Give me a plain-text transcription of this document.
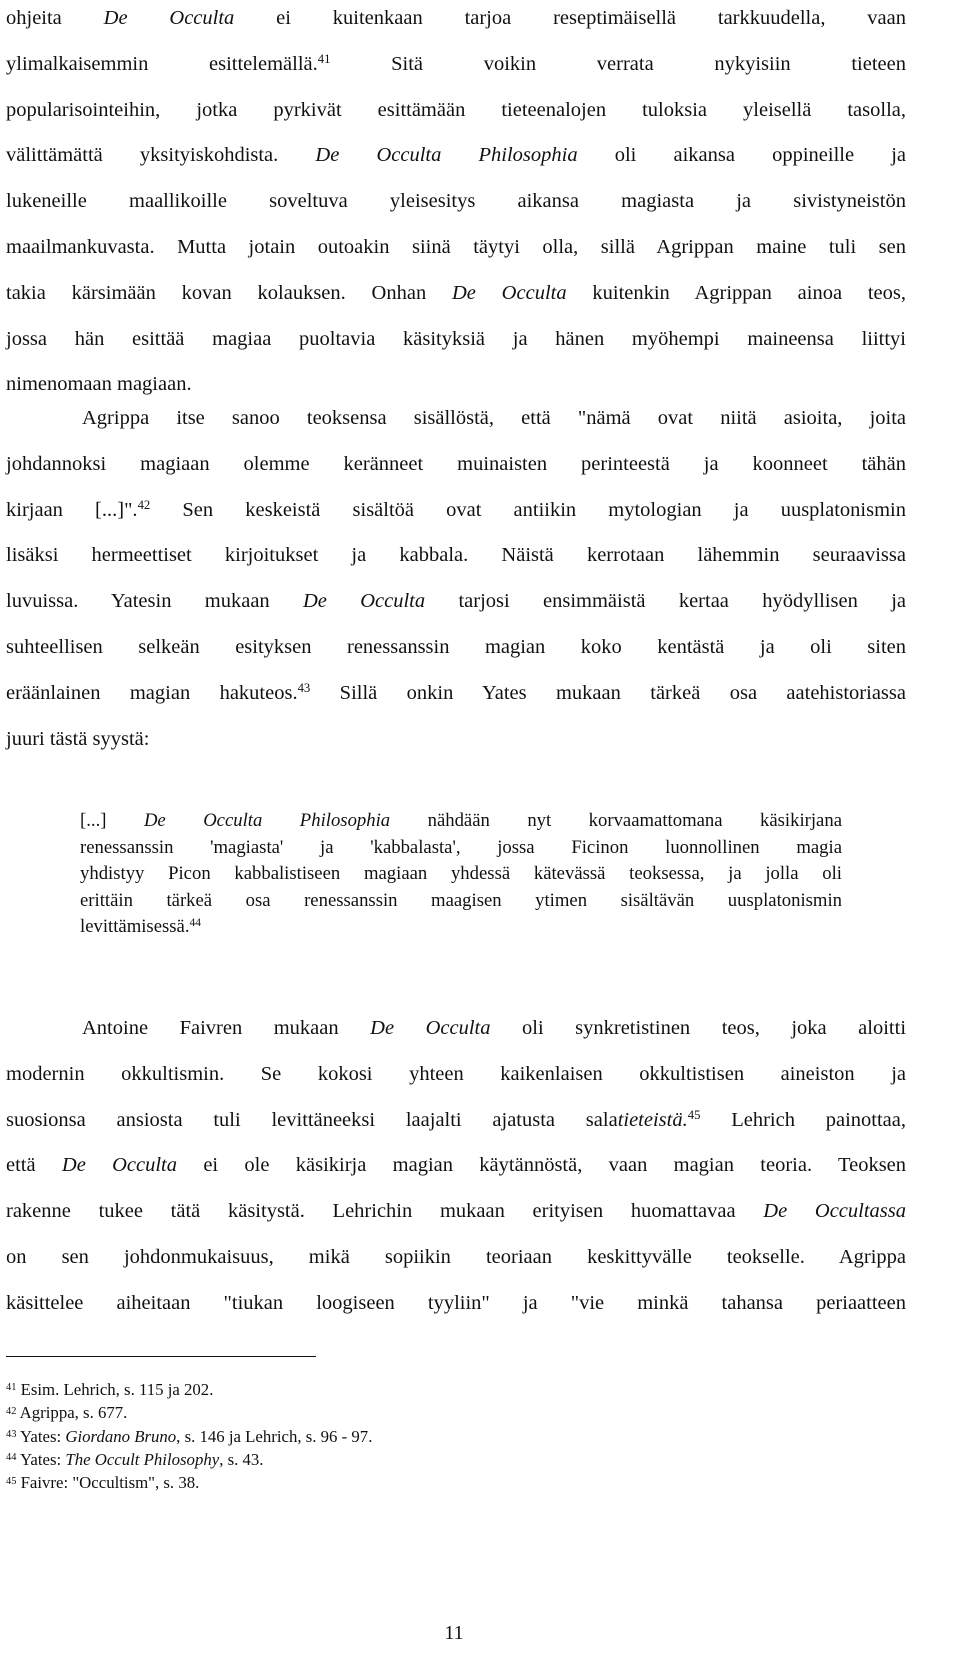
ohjeita De Occulta ei kuitenkaan tarjoa reseptimäisellä tarkkuudella, vaan
ylimalkaisemmin esittelemällä.$^{41}$ Sitä voikin verrata nykyisiin tieteen
popularisointeihin, jotka pyrkivät esittämään tieteenalojen tuloksia yleisellä tasolla,
välittämättä yksityiskohdista. De Occulta Philosophia oli aikansa oppineille ja
lukeneille maallikoille soveltuva yleisesitys aikansa magiasta ja sivistyneistön
maailmankuvasta. Mutta jotain outoakin siinä täytyi olla, sillä Agrippan maine tuli sen
takia kärsimään kovan kolauksen. Onhan De Occulta kuitenkin Agrippan ainoa teos,
jossa hän esittää magiaa puoltavia käsityksiä ja hänen myöhempi maineensa liittyi
nimenomaan magiaan.
Agrippa itse sanoo teoksensa sisällöstä, että "nämä ovat niitä asioita, joita
johdannoksi magiaan olemme keränneet muinaisten perinteestä ja koonneet tähän
kirjaan [...]".$^{42}$ Sen keskeistä sisältöä ovat antiikin mytologian ja uusplatonismin
lisäksi hermeettiset kirjoitukset ja kabbala. Näistä kerrotaan lähemmin seuraavissa
luvuissa. Yatesin mukaan De Occulta tarjosi ensimmäistä kertaa hyödyllisen ja
suhteellisen selkeän esityksen renessanssin magian koko kentästä ja oli siten
eräänlainen magian hakuteos.$^{43}$ Sillä onkin Yates mukaan tärkeä osa aatehistoriassa
juuri tästä syystä:
[...] De Occulta Philosophia nähdään nyt korvaamattomana käsikirjana
renessanssin 'magiasta' ja 'kabbalasta', jossa Ficinon luonnollinen magia
yhdistyy Picon kabbalistiseen magiaan yhdessä kätevässä teoksessa, ja jolla oli
erittäin tärkeä osa renessanssin maagisen ytimen sisältävän uusplatonismin
levittämisessä.$^{44}$
Antoine Faivren mukaan De Occulta oli synkretistinen teos, joka aloitti
modernin okkultismin. Se kokosi yhteen kaikenlaisen okkultistisen aineiston ja
suosionsa ansiosta tuli levittäneeksi laajalti ajatusta salatieteistä.$^{45}$ Lehrich painottaa,
että De Occulta ei ole käsikirja magian käytännöstä, vaan magian teoria. Teoksen
rakenne tukee tätä käsitystä. Lehrichin mukaan erityisen huomattavaa De Occultassa
on sen johdonmukaisuus, mikä sopiikin teoriaan keskittyvälle teokselle. Agrippa
käsittelee aiheitaan "tiukan loogiseen tyyliin" ja "vie minkä tahansa periaatteen
$^{41}$ Esim. Lehrich, s. 115 ja 202.
$^{42}$ Agrippa, s. 677.
$^{43}$ Yates: Giordano Bruno, s. 146 ja Lehrich, s. 96 - 97.
$^{44}$ Yates: The Occult Philosophy, s. 43.
$^{45}$ Faivre: "Occultism", s. 38.
11
